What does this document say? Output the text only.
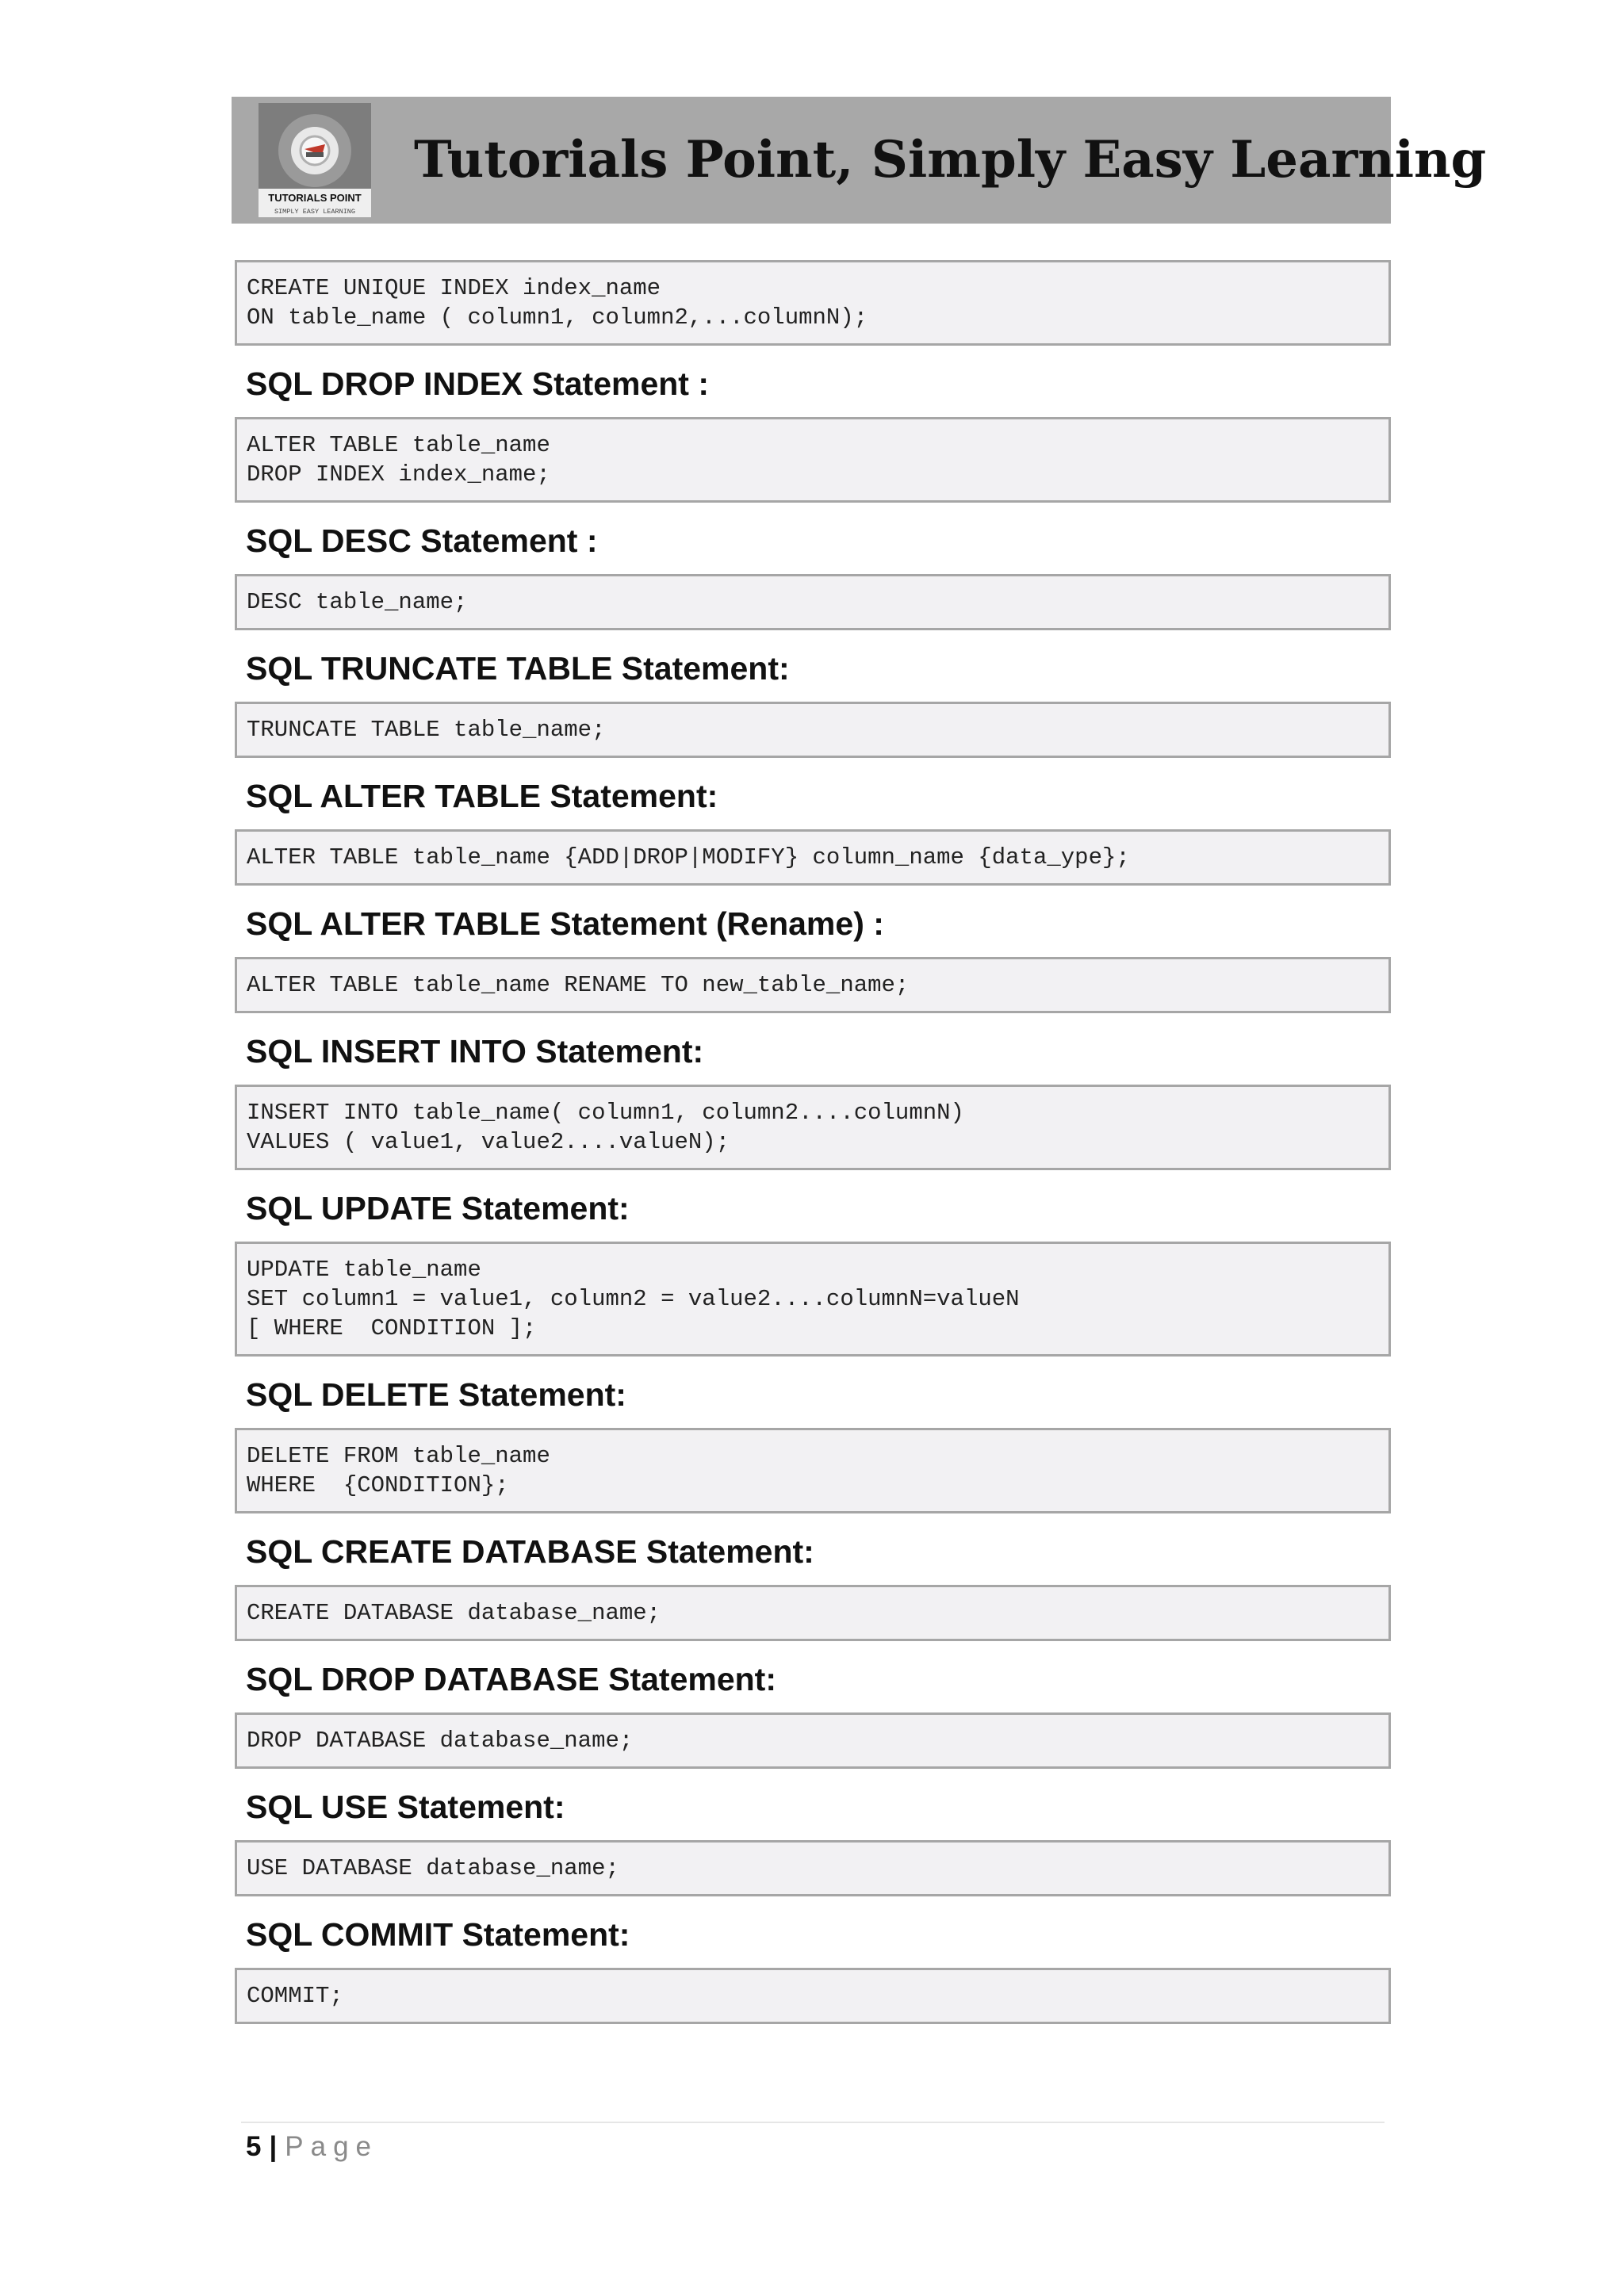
TUTORIALS POINT
SIMPLY EASY LEARNING
Tutorials Point, Simply Easy Learning
CREATE UNIQUE INDEX index_name
ON table_name ( column1, column2,...columnN);
SQL DROP INDEX Statement :
ALTER TABLE table_name
DROP INDEX index_name;
SQL DESC Statement :
DESC table_name;
SQL TRUNCATE TABLE Statement:
TRUNCATE TABLE table_name;
SQL ALTER TABLE Statement:
ALTER TABLE table_name {ADD|DROP|MODIFY} column_name {data_ype};
SQL ALTER TABLE Statement (Rename) :
ALTER TABLE table_name RENAME TO new_table_name;
SQL INSERT INTO Statement:
INSERT INTO table_name( column1, column2....columnN)
VALUES ( value1, value2....valueN);
SQL UPDATE Statement:
UPDATE table_name
SET column1 = value1, column2 = value2....columnN=valueN
[ WHERE  CONDITION ];
SQL DELETE Statement:
DELETE FROM table_name
WHERE  {CONDITION};
SQL CREATE DATABASE Statement:
CREATE DATABASE database_name;
SQL DROP DATABASE Statement:
DROP DATABASE database_name;
SQL USE Statement:
USE DATABASE database_name;
SQL COMMIT Statement:
COMMIT;
5 | Page
